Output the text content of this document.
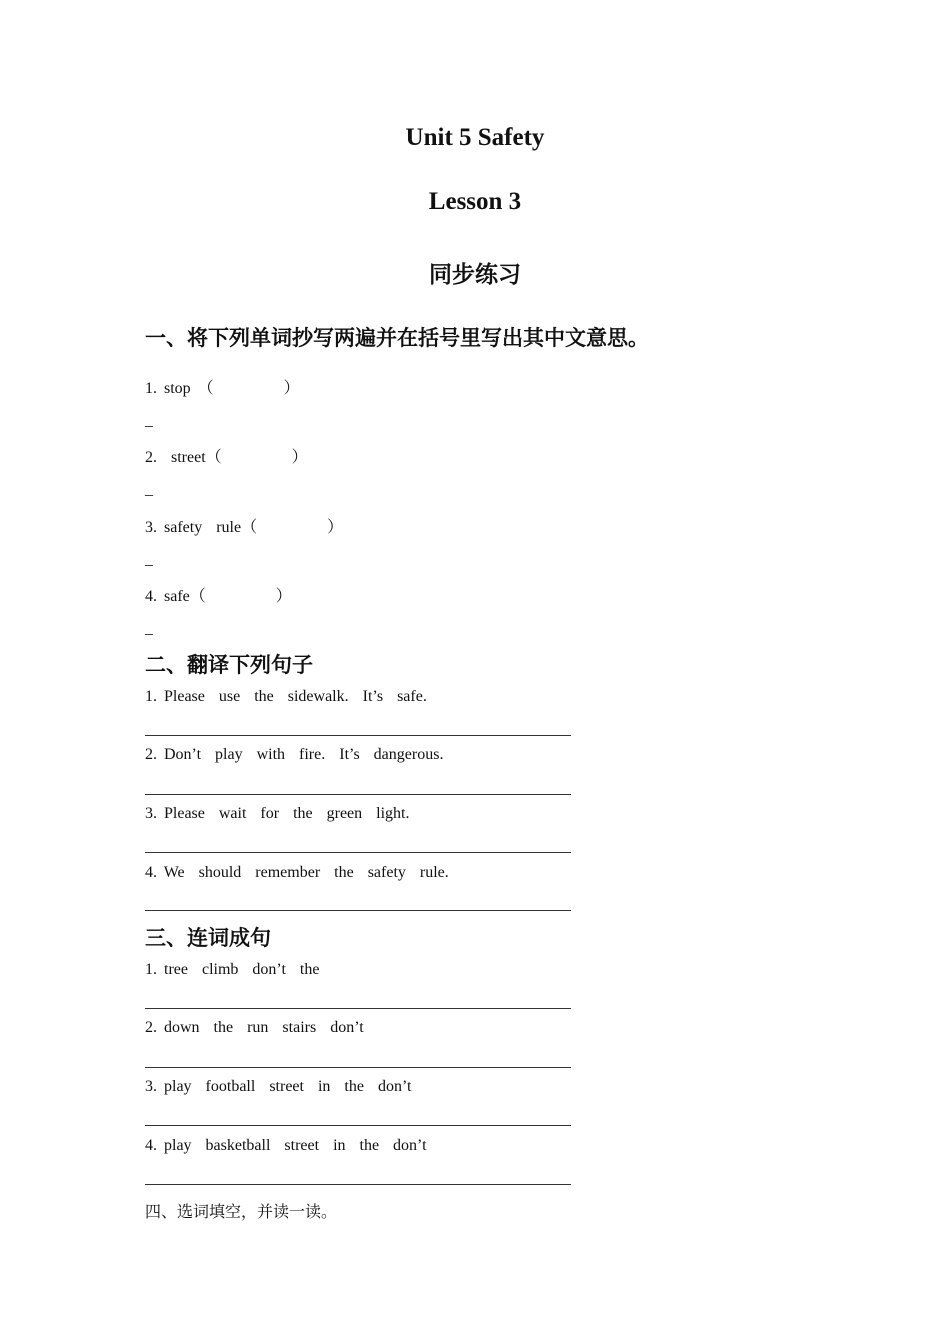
Unit 5 Safety
Lesson 3
同步练习
一、将下列单词抄写两遍并在括号里写出其中文意思。
1. stop （          ）
_
2.  street（          ）
_
3. safety  rule（          ）
_
4. safe（          ）
_
二、翻译下列句子
1. Please  use  the  sidewalk.  It’s  safe.
2. Don’t  play  with  fire.  It’s  dangerous.
3. Please  wait  for  the  green  light.
4. We  should  remember  the  safety  rule.
三、连词成句
1. tree  climb  don’t  the
2. down  the  run  stairs  don’t
3. play  football  street  in  the  don’t
4. play  basketball  street  in  the  don’t
四、选词填空，并读一读。
